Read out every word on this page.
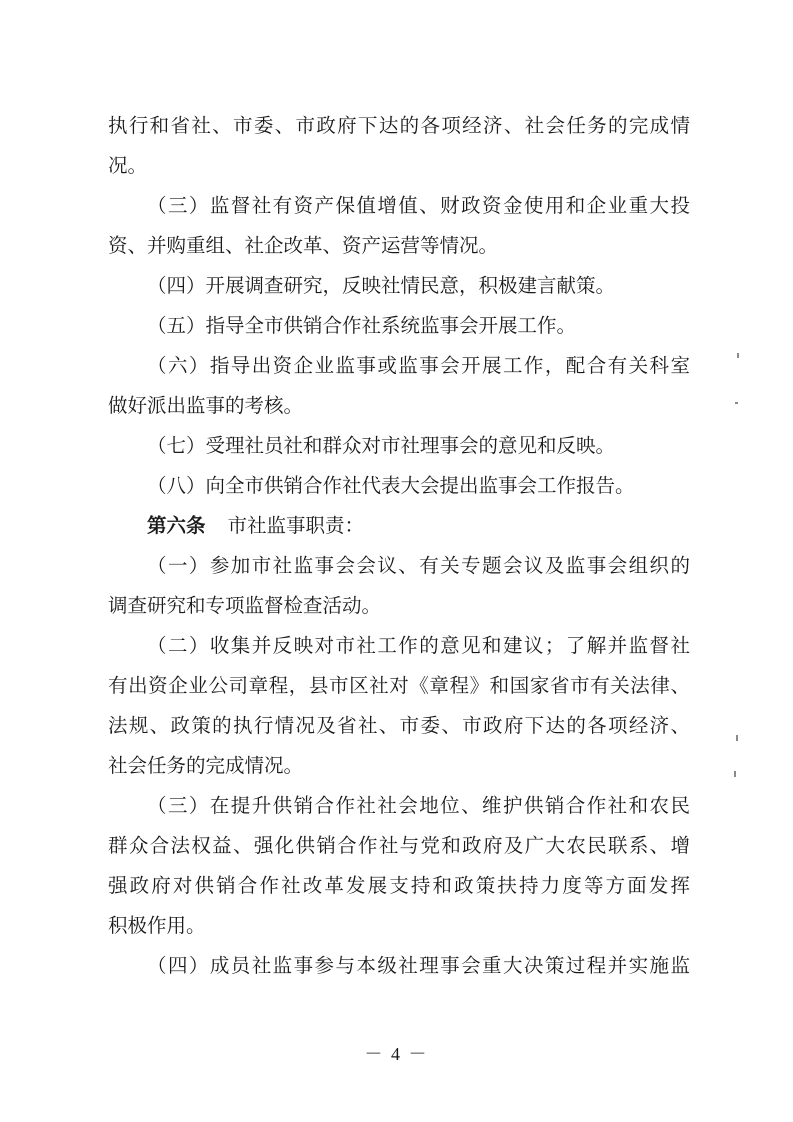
执行和省社、市委、市政府下达的各项经济、社会任务的完成情
况。
（三）监督社有资产保值增值、财政资金使用和企业重大投
资、并购重组、社企改革、资产运营等情况。
（四）开展调查研究，反映社情民意，积极建言献策。
（五）指导全市供销合作社系统监事会开展工作。
（六）指导出资企业监事或监事会开展工作，配合有关科室
做好派出监事的考核。
（七）受理社员社和群众对市社理事会的意见和反映。
（八）向全市供销合作社代表大会提出监事会工作报告。
第六条 市社监事职责：
（一）参加市社监事会会议、有关专题会议及监事会组织的
调查研究和专项监督检查活动。
（二）收集并反映对市社工作的意见和建议；了解并监督社
有出资企业公司章程，县市区社对《章程》和国家省市有关法律、
法规、政策的执行情况及省社、市委、市政府下达的各项经济、
社会任务的完成情况。
（三）在提升供销合作社社会地位、维护供销合作社和农民
群众合法权益、强化供销合作社与党和政府及广大农民联系、增
强政府对供销合作社改革发展支持和政策扶持力度等方面发挥
积极作用。
（四）成员社监事参与本级社理事会重大决策过程并实施监
－ 4 －
